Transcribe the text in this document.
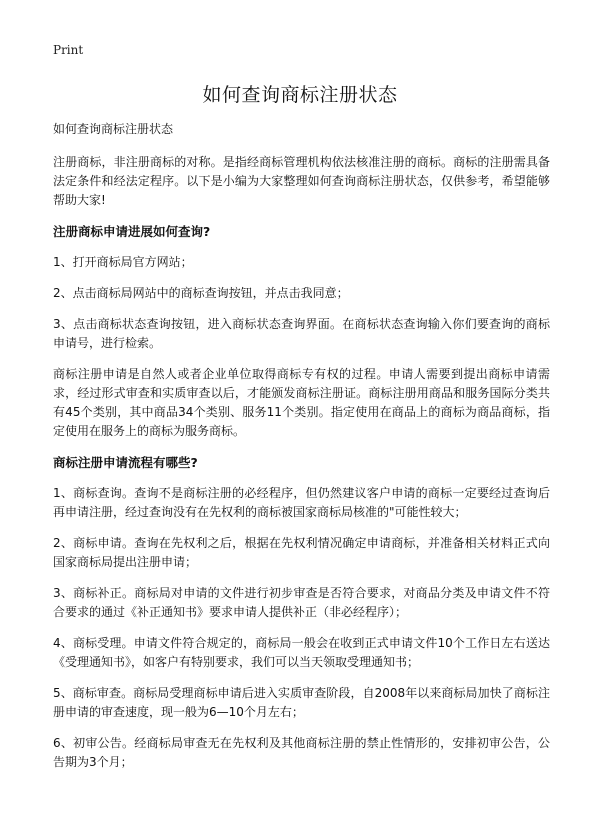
Print
如何查询商标注册状态

如何查询商标注册状态

注册商标，非注册商标的对称。是指经商标管理机构依法核准注册的商标。商标的注册需具备法定条件和经法定程序。以下是小编为大家整理如何查询商标注册状态，仅供参考，希望能够帮助大家!

注册商标申请进展如何查询?

1、打开商标局官方网站；

2、点击商标局网站中的商标查询按钮，并点击我同意；

3、点击商标状态查询按钮，进入商标状态查询界面。在商标状态查询输入你们要查询的商标申请号，进行检索。

商标注册申请是自然人或者企业单位取得商标专有权的过程。申请人需要到提出商标申请需求，经过形式审查和实质审查以后，才能颁发商标注册证。商标注册用商品和服务国际分类共有45个类别，其中商品34个类别、服务11个类别。指定使用在商品上的商标为商品商标，指定使用在服务上的商标为服务商标。

商标注册申请流程有哪些?

1、商标查询。查询不是商标注册的必经程序，但仍然建议客户申请的商标一定要经过查询后再申请注册，经过查询没有在先权利的商标被国家商标局核准的"可能性较大；

2、商标申请。查询在先权利之后，根据在先权利情况确定申请商标，并准备相关材料正式向国家商标局提出注册申请；

3、商标补正。商标局对申请的文件进行初步审查是否符合要求，对商品分类及申请文件不符合要求的通过《补正通知书》要求申请人提供补正（非必经程序）；

4、商标受理。申请文件符合规定的，商标局一般会在收到正式申请文件10个工作日左右送达《受理通知书》，如客户有特别要求，我们可以当天领取受理通知书；

5、商标审查。商标局受理商标申请后进入实质审查阶段，自2008年以来商标局加快了商标注册申请的审查速度，现一般为6—10个月左右；

6、初审公告。经商标局审查无在先权利及其他商标注册的禁止性情形的，安排初审公告，公告期为3个月；
